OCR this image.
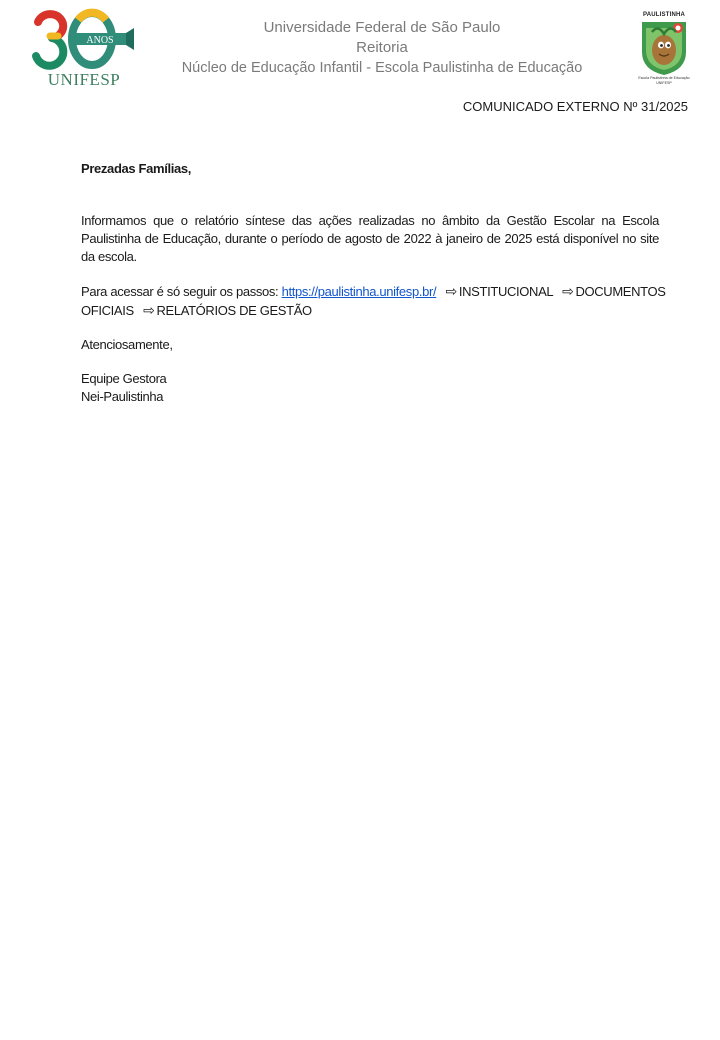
ANOS
UNIFESP
Universidade Federal de São Paulo
Reitoria
Núcleo de Educação Infantil - Escola Paulistinha de Educação
PAULISTINHA
Escola Paulistinha de Educação UNIFESP
COMUNICADO EXTERNO Nº 31/2025

Prezadas Famílias,

Informamos que o relatório síntese das ações realizadas no âmbito da Gestão Escolar na Escola Paulistinha de Educação, durante o período de agosto de 2022 à janeiro de 2025 está disponível no site da escola.

Para acessar é só seguir os passos: https://paulistinha.unifesp.br/ ⇨ INSTITUCIONAL ⇨ DOCUMENTOS
OFICIAIS ⇨ RELATÓRIOS DE GESTÃO

Atenciosamente,

Equipe Gestora
Nei-Paulistinha
